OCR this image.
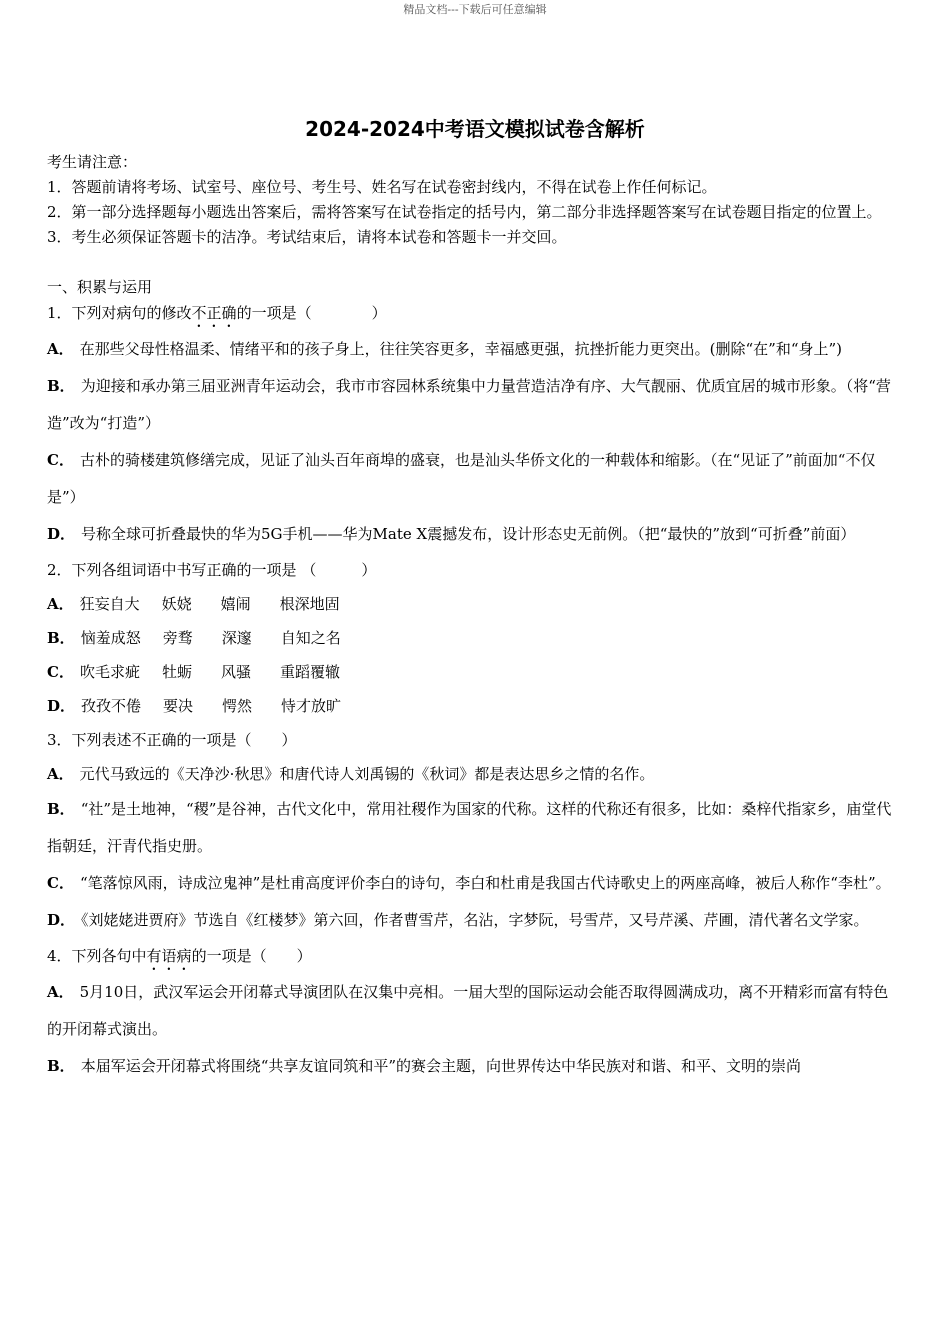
精品文档---下载后可任意编辑
2024-2024中考语文模拟试卷含解析

考生请注意：

1．答题前请将考场、试室号、座位号、考生号、姓名写在试卷密封线内，不得在试卷上作任何标记。

2．第一部分选择题每小题选出答案后，需将答案写在试卷指定的括号内，第二部分非选择题答案写在试卷题目指定的位置上。

3．考生必须保证答题卡的洁净。考试结束后，请将本试卷和答题卡一并交回。

一、积累与运用

1．下列对病句的修改不正确的一项是（　　　　）

A． 在那些父母性格温柔、情绪平和的孩子身上，往往笑容更多，幸福感更强，抗挫折能力更突出。(删除“在”和“身上”)

B． 为迎接和承办第三届亚洲青年运动会，我市市容园林系统集中力量营造洁净有序、大气靓丽、优质宜居的城市形象。（将“营造”改为“打造”）

C． 古朴的骑楼建筑修缮完成，见证了汕头百年商埠的盛衰，也是汕头华侨文化的一种载体和缩影。（在“见证了”前面加“不仅是”）

D． 号称全球可折叠最快的华为5G手机——华为Mate X震撼发布，设计形态史无前例。（把“最快的”放到“可折叠”前面）

2．下列各组词语中书写正确的一项是 （　　　）

A． 狂妄自大 妖娆 嬉闹 根深地固

B． 恼羞成怒 旁骛 深邃 自知之名

C． 吹毛求疵 牡蛎 风骚 重蹈覆辙

D． 孜孜不倦 要决 愕然 恃才放旷

3．下列表述不正确的一项是（　　）

A． 元代马致远的《天净沙·秋思》和唐代诗人刘禹锡的《秋词》都是表达思乡之情的名作。

B． “社”是土地神，“稷”是谷神，古代文化中，常用社稷作为国家的代称。这样的代称还有很多，比如：桑梓代指家乡，庙堂代指朝廷，汗青代指史册。

C． “笔落惊风雨，诗成泣鬼神”是杜甫高度评价李白的诗句，李白和杜甫是我国古代诗歌史上的两座高峰，被后人称作“李杜”。

D． 《刘姥姥进贾府》节选自《红楼梦》第六回，作者曹雪芹，名沾，字梦阮，号雪芹，又号芹溪、芹圃，清代著名文学家。

4．下列各句中有语病的一项是（　　）

A． 5月10日，武汉军运会开闭幕式导演团队在汉集中亮相。一届大型的国际运动会能否取得圆满成功，离不开精彩而富有特色的开闭幕式演出。

B． 本届军运会开闭幕式将围绕“共享友谊同筑和平”的赛会主题，向世界传达中华民族对和谐、和平、文明的崇尚
